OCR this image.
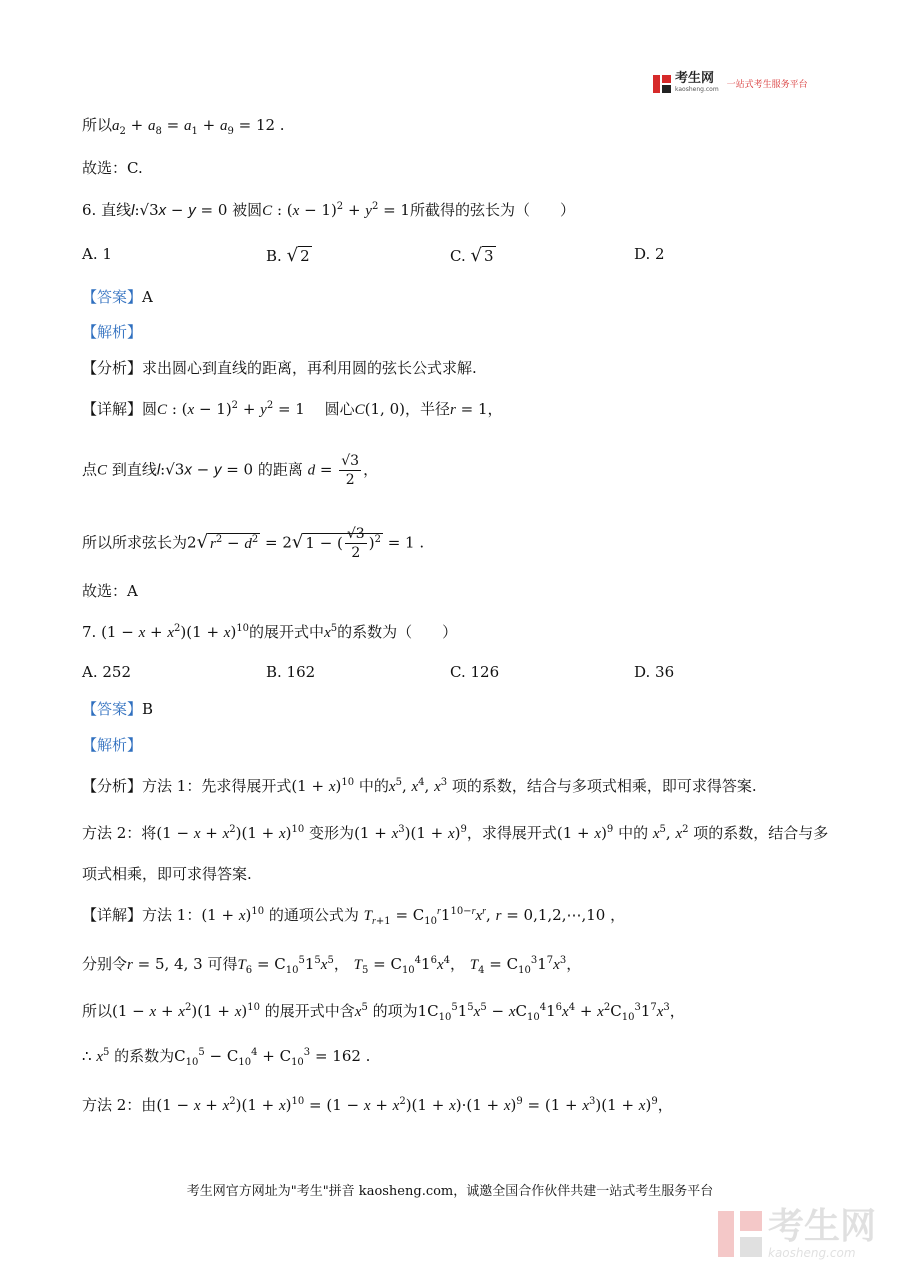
考生网
kaosheng.com 一站式考生服务平台
所以$a_2 + a_8 = a_1 + a_9 = 12$ .
故选：C.
6. 直线l:√3x − y = 0 被圆C : $(x - 1)^2 + y^2 = 1$所截得的弦长为（　　）
A. 1	B. √ 2	C. √ 3	D. 2
【答案】A
【解析】
【分析】求出圆心到直线的距离，再利用圆的弦长公式求解.
【详解】圆C : $(x - 1)^2 + y^2 = 1$　 圆心C(1, 0)，半径r = 1，
点C 到直线l:√3x − y = 0 的距离 $d = \frac{√3}{2}$ ，
所以所求弦长为2√ $r^2 - d^2 = 2√$ 1 − ( $\frac{√3}{2} )^2 = 1$ .
故选：A
7. $(1 - x + x^2)(1 + x)^{10}$的展开式中$x^5$的系数为（　　）
A. 252	B. 162	C. 126	D. 36
【答案】B
【解析】
【分析】方法 1：先求得展开式$(1 + x)^{10}$ 中的$x^5$, $x^4$, $x^3$ 项的系数，结合与多项式相乘，即可求得答案.
方法 2：将$(1 - x + x^2)(1 + x)^{10}$ 变形为$(1 + x^3)(1 + x)^9$，求得展开式$(1 + x)^9$ 中的 $x^5$, $x^2$ 项的系数，结合与多
项式相乘，即可求得答案.
【详解】方法 1：$(1 + x)^{10}$ 的通项公式为 $T_{r+1} = C_{10}^r1^{10-r}x^r$, r = 0,1,2,⋯,10 ，
分别令r = 5, 4, 3 可得$T_6 = C_{10}^51^5x^5$， $T_5 = C_{10}^41^6x^4$， $T_4 = C_{10}^31^7x^3$，
所以$(1 - x + x^2)(1 + x)^{10}$ 的展开式中含$x^5$ 的项为$1C_{10}^51^5x^5 - xC_{10}^41^6x^4 + x^2C_{10}^31^7x^3$，
∴ $x^5$ 的系数为$C_{10}^5 - C_{10}^4 + C_{10}^3 = 162$ .
方法 2：由$(1 - x + x^2)(1 + x)^{10} = (1 - x + x^2)(1 + x)\cdot(1 + x)^9 = (1 + x^3)(1 + x)^9$，
考生网官方网址为"考生"拼音 kaosheng.com，诚邀全国合作伙伴共建一站式考生服务平台
考生网
kaosheng.com
